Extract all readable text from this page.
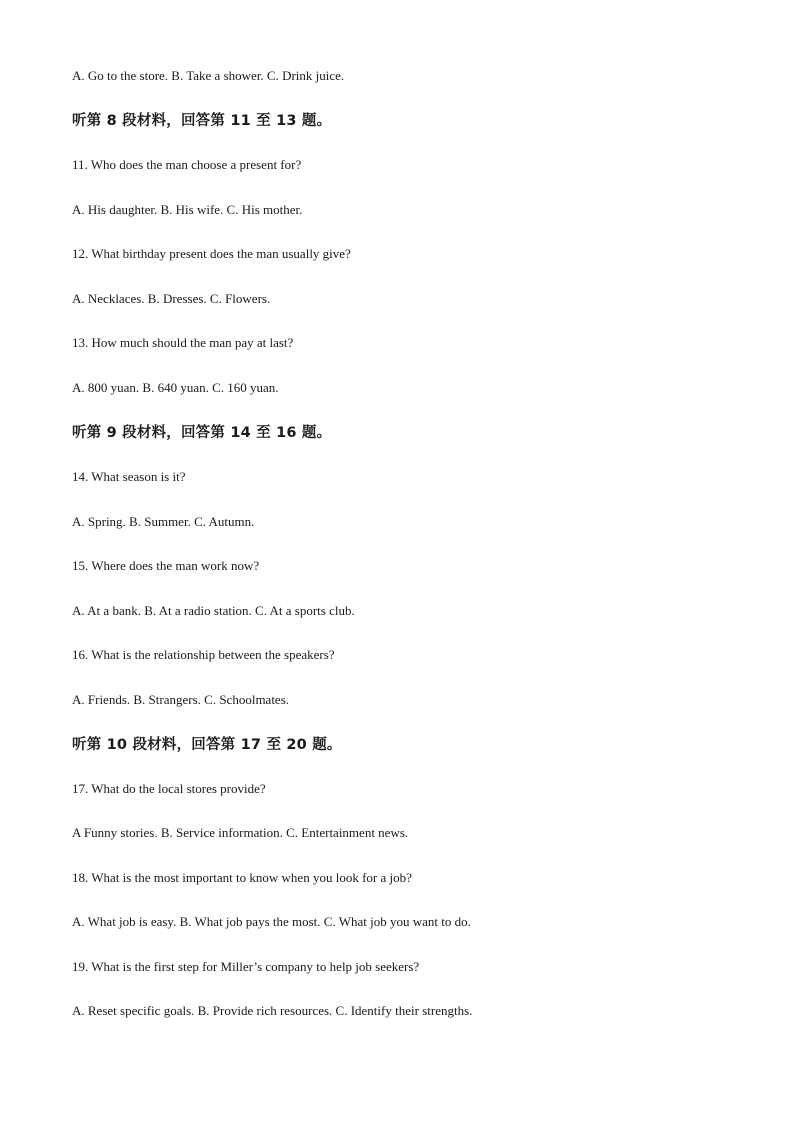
A. Go to the store. B. Take a shower. C. Drink juice.
听第 8 段材料，回答第 11 至 13 题。
11. Who does the man choose a present for?
A. His daughter. B. His wife. C. His mother.
12. What birthday present does the man usually give?
A. Necklaces. B. Dresses. C. Flowers.
13. How much should the man pay at last?
A. 800 yuan. B. 640 yuan. C. 160 yuan.
听第 9 段材料，回答第 14 至 16 题。
14. What season is it?
A. Spring. B. Summer. C. Autumn.
15. Where does the man work now?
A. At a bank. B. At a radio station. C. At a sports club.
16. What is the relationship between the speakers?
A. Friends. B. Strangers. C. Schoolmates.
听第 10 段材料，回答第 17 至 20 题。
17. What do the local stores provide?
A Funny stories. B. Service information. C. Entertainment news.
18. What is the most important to know when you look for a job?
A. What job is easy. B. What job pays the most. C. What job you want to do.
19. What is the first step for Miller’s company to help job seekers?
A. Reset specific goals. B. Provide rich resources. C. Identify their strengths.
